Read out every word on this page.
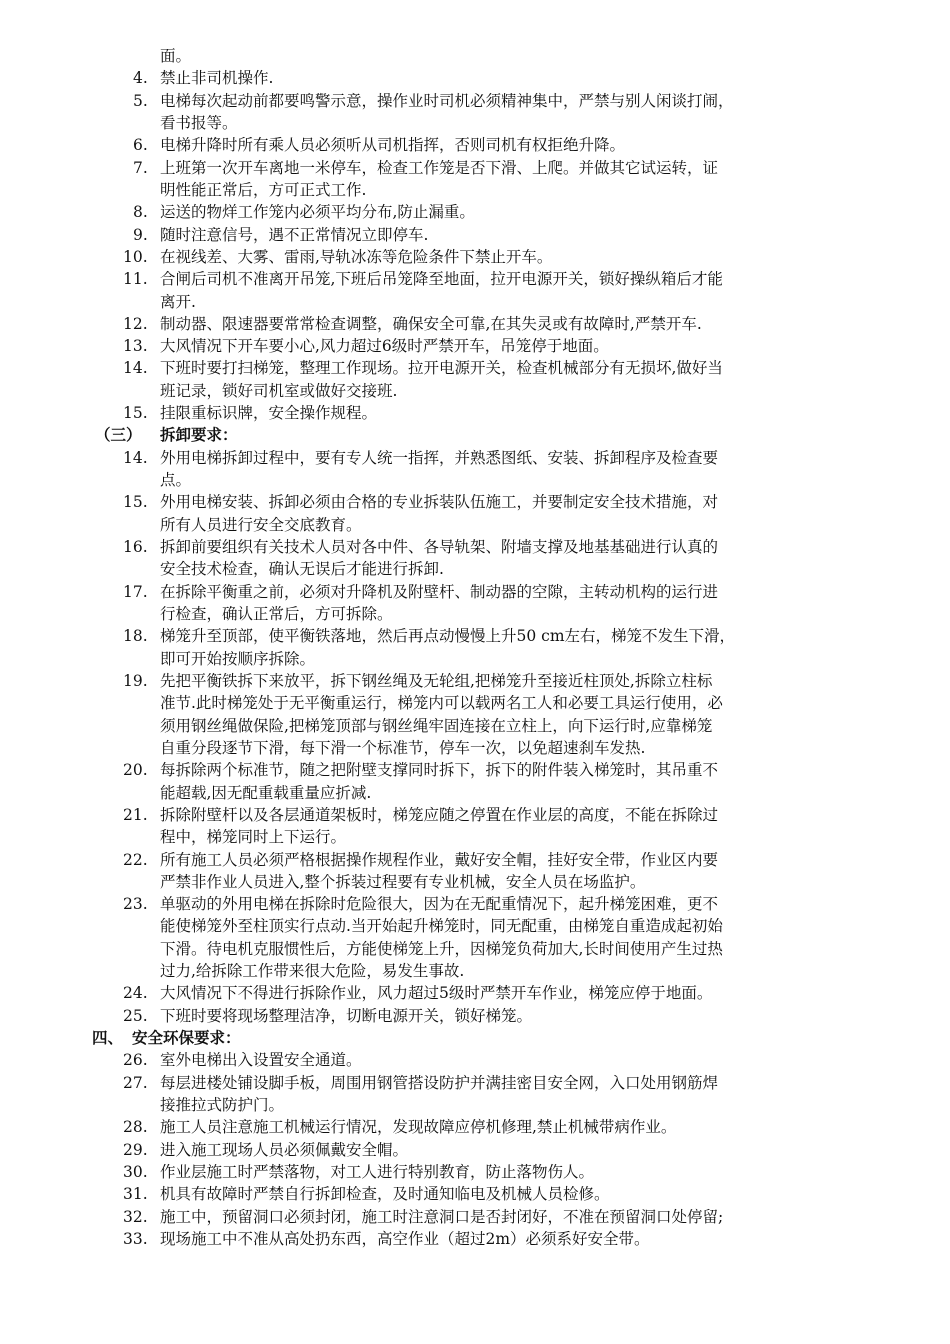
面。
4. 禁止非司机操作.
5. 电梯每次起动前都要鸣警示意，操作业时司机必须精神集中，严禁与别人闲谈打闹，
看书报等。
6. 电梯升降时所有乘人员必须听从司机指挥，否则司机有权拒绝升降。
7. 上班第一次开车离地一米停车，检查工作笼是否下滑、上爬。并做其它试运转，证
明性能正常后，方可正式工作.
8. 运送的物烊工作笼内必须平均分布,防止漏重。
9. 随时注意信号，遇不正常情况立即停车.
10. 在视线差、大雾、雷雨,导轨冰冻等危险条件下禁止开车。
11. 合闸后司机不准离开吊笼,下班后吊笼降至地面，拉开电源开关，锁好操纵箱后才能
离开.
12. 制动器、限速器要常常检查调整，确保安全可靠,在其失灵或有故障时,严禁开车.
13. 大风情况下开车要小心,风力超过6级时严禁开车，吊笼停于地面。
14. 下班时要打扫梯笼，整理工作现场。拉开电源开关，检查机械部分有无损坏,做好当
班记录，锁好司机室或做好交接班.
15. 挂限重标识牌，安全操作规程。
（三） 拆卸要求：
14. 外用电梯拆卸过程中，要有专人统一指挥，并熟悉图纸、安装、拆卸程序及检查要
点。
15. 外用电梯安装、拆卸必须由合格的专业拆装队伍施工，并要制定安全技术措施，对
所有人员进行安全交底教育。
16. 拆卸前要组织有关技术人员对各中件、各导轨架、附墙支撑及地基基础进行认真的
安全技术检查，确认无误后才能进行拆卸.
17. 在拆除平衡重之前，必须对升降机及附壁杆、制动器的空隙，主转动机构的运行进
行检查，确认正常后，方可拆除。
18. 梯笼升至顶部，使平衡铁落地，然后再点动慢慢上升50 cm左右，梯笼不发生下滑，
即可开始按顺序拆除。
19. 先把平衡铁拆下来放平，拆下钢丝绳及无轮组,把梯笼升至接近柱顶处,拆除立柱标
准节.此时梯笼处于无平衡重运行，梯笼内可以载两名工人和必要工具运行使用，必
须用钢丝绳做保险,把梯笼顶部与钢丝绳牢固连接在立柱上，向下运行时,应靠梯笼
自重分段逐节下滑，每下滑一个标准节，停车一次，以免超速刹车发热.
20. 每拆除两个标准节，随之把附壁支撑同时拆下，拆下的附件装入梯笼时，其吊重不
能超载,因无配重载重量应折减.
21. 拆除附壁杆以及各层通道架板时，梯笼应随之停置在作业层的高度，不能在拆除过
程中，梯笼同时上下运行。
22. 所有施工人员必须严格根据操作规程作业，戴好安全帽，挂好安全带，作业区内要
严禁非作业人员进入,整个拆装过程要有专业机械，安全人员在场监护。
23. 单驱动的外用电梯在拆除时危险很大，因为在无配重情况下，起升梯笼困难，更不
能使梯笼外至柱顶实行点动.当开始起升梯笼时，同无配重，由梯笼自重造成起初始
下滑。待电机克服惯性后，方能使梯笼上升，因梯笼负荷加大,长时间使用产生过热
过力,给拆除工作带来很大危险，易发生事故.
24. 大风情况下不得进行拆除作业，风力超过5级时严禁开车作业，梯笼应停于地面。
25. 下班时要将现场整理洁净，切断电源开关，锁好梯笼。
四、 安全环保要求：
26. 室外电梯出入设置安全通道。
27. 每层进楼处铺设脚手板，周围用钢管搭设防护并满挂密目安全网，入口处用钢筋焊
接推拉式防护门。
28. 施工人员注意施工机械运行情况，发现故障应停机修理,禁止机械带病作业。
29. 进入施工现场人员必须佩戴安全帽。
30. 作业层施工时严禁落物，对工人进行特别教育，防止落物伤人。
31. 机具有故障时严禁自行拆卸检查，及时通知临电及机械人员检修。
32. 施工中，预留洞口必须封闭，施工时注意洞口是否封闭好，不准在预留洞口处停留;
33. 现场施工中不准从高处扔东西，高空作业（超过2m）必须系好安全带。
